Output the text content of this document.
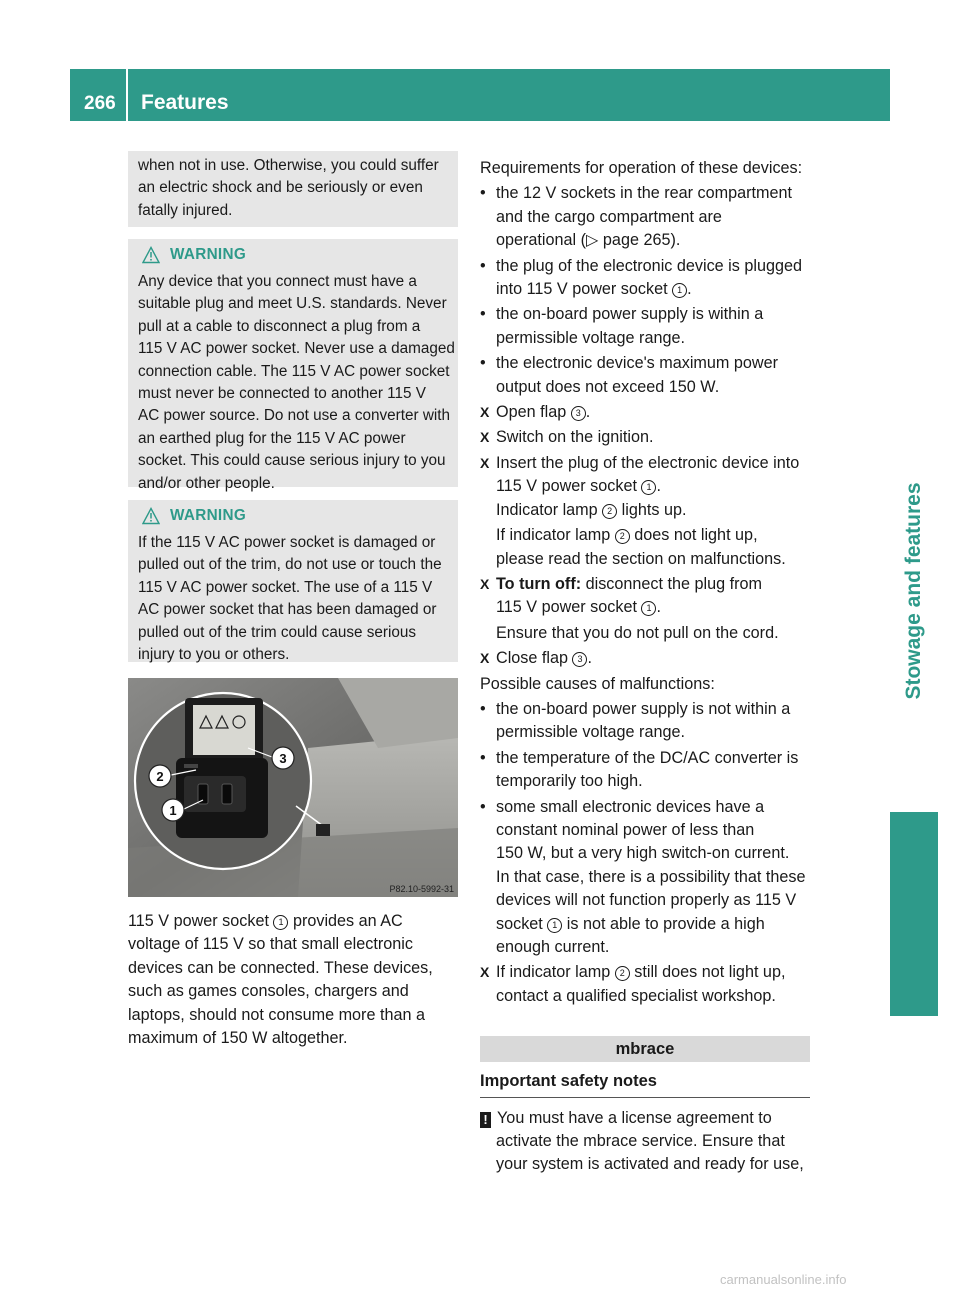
266 Features
Stowage and features

when not in use. Otherwise, you could suffer

an electric shock and be seriously or even

fatally injured.

WARNING

Any device that you connect must have a

suitable plug and meet U.S. standards. Never

pull at a cable to disconnect a plug from a

115 V AC power socket. Never use a damaged

connection cable. The 115 V AC power socket

must never be connected to another 115 V

AC power source. Do not use a converter with

an earthed plug for the 115 V AC power

socket. This could cause serious injury to you

and/or other people.

WARNING

If the 115 V AC power socket is damaged or

pulled out of the trim, do not use or touch the

115 V AC power socket. The use of a 115 V

AC power socket that has been damaged or

pulled out of the trim could cause serious

injury to you or others.

1
2
3
P82.10-5992-31

115 V power socket 1 provides an AC

voltage of 115 V so that small electronic

devices can be connected. These devices,

such as games consoles, chargers and

laptops, should not consume more than a

maximum of 150 W altogether.

Requirements for operation of these devices:

• the 12 V sockets in the rear compartment

and the cargo compartment are

operational (▷ page 265).

• the plug of the electronic device is plugged

into 115 V power socket 1 .

• the on-board power supply is within a

permissible voltage range.

• the electronic device's maximum power

output does not exceed 150 W.

X Open flap 3 .

X Switch on the ignition.

X Insert the plug of the electronic device into

115 V power socket 1 .

Indicator lamp 2 lights up.

If indicator lamp 2 does not light up,

please read the section on malfunctions.

X To turn off: disconnect the plug from

115 V power socket 1 .

Ensure that you do not pull on the cord.

X Close flap 3 .

Possible causes of malfunctions:

• the on-board power supply is not within a

permissible voltage range.

• the temperature of the DC/AC converter is

temporarily too high.

• some small electronic devices have a

constant nominal power of less than

150 W, but a very high switch-on current.

In that case, there is a possibility that these

devices will not function properly as 115 V

socket 1 is not able to provide a high

enough current.

X If indicator lamp 2 still does not light up,

contact a qualified specialist workshop.

mbrace
Important safety notes

! You must have a license agreement to

activate the mbrace service. Ensure that

your system is activated and ready for use,

carmanualsonline.info
